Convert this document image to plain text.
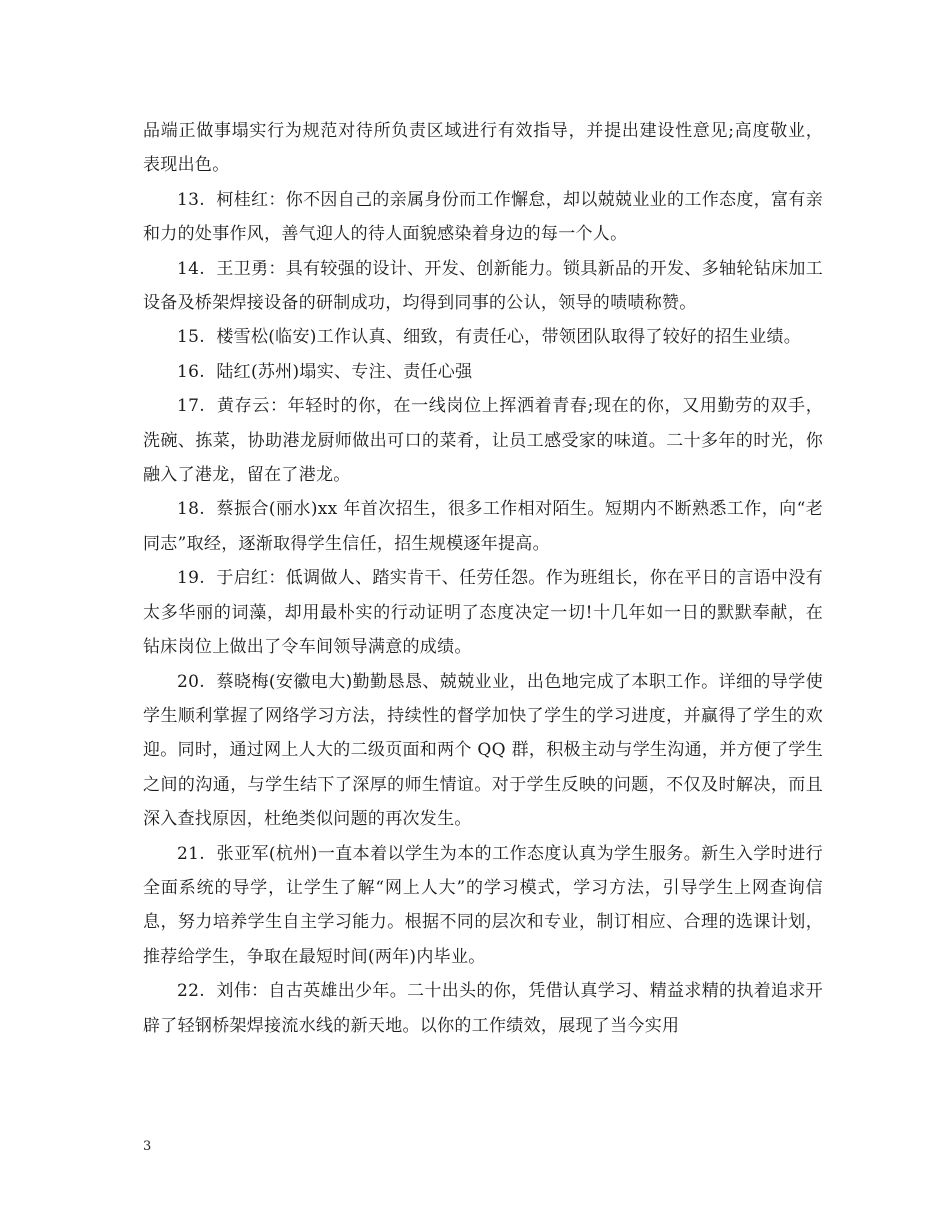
品端正做事塌实行为规范对待所负责区域进行有效指导，并提出建设性意见;高度敬业，表现出色。

13.  柯桂红：你不因自己的亲属身份而工作懈怠，却以兢兢业业的工作态度，富有亲和力的处事作风，善气迎人的待人面貌感染着身边的每一个人。

14.  王卫勇：具有较强的设计、开发、创新能力。锁具新品的开发、多轴轮钻床加工设备及桥架焊接设备的研制成功，均得到同事的公认，领导的啧啧称赞。

15.  楼雪松(临安)工作认真、细致，有责任心，带领团队取得了较好的招生业绩。

16.  陆红(苏州)塌实、专注、责任心强

17.  黄存云：年轻时的你，在一线岗位上挥洒着青春;现在的你，又用勤劳的双手，洗碗、拣菜，协助港龙厨师做出可口的菜肴，让员工感受家的味道。二十多年的时光，你融入了港龙，留在了港龙。

18.  蔡振合(丽水)xx 年首次招生，很多工作相对陌生。短期内不断熟悉工作，向“老同志”取经，逐渐取得学生信任，招生规模逐年提高。

19.  于启红：低调做人、踏实肯干、任劳任怨。作为班组长，你在平日的言语中没有太多华丽的词藻，却用最朴实的行动证明了态度决定一切!十几年如一日的默默奉献，在钻床岗位上做出了令车间领导满意的成绩。

20.  蔡晓梅(安徽电大)勤勤恳恳、兢兢业业，出色地完成了本职工作。详细的导学使学生顺利掌握了网络学习方法，持续性的督学加快了学生的学习进度，并赢得了学生的欢迎。同时，通过网上人大的二级页面和两个 QQ 群，积极主动与学生沟通，并方便了学生之间的沟通，与学生结下了深厚的师生情谊。对于学生反映的问题，不仅及时解决，而且深入查找原因，杜绝类似问题的再次发生。

21.  张亚军(杭州)一直本着以学生为本的工作态度认真为学生服务。新生入学时进行全面系统的导学，让学生了解“网上人大”的学习模式，学习方法，引导学生上网查询信息，努力培养学生自主学习能力。根据不同的层次和专业，制订相应、合理的选课计划，推荐给学生，争取在最短时间(两年)内毕业。

22.  刘伟：自古英雄出少年。二十出头的你，凭借认真学习、精益求精的执着追求开辟了轻钢桥架焊接流水线的新天地。以你的工作绩效，展现了当今实用

3
